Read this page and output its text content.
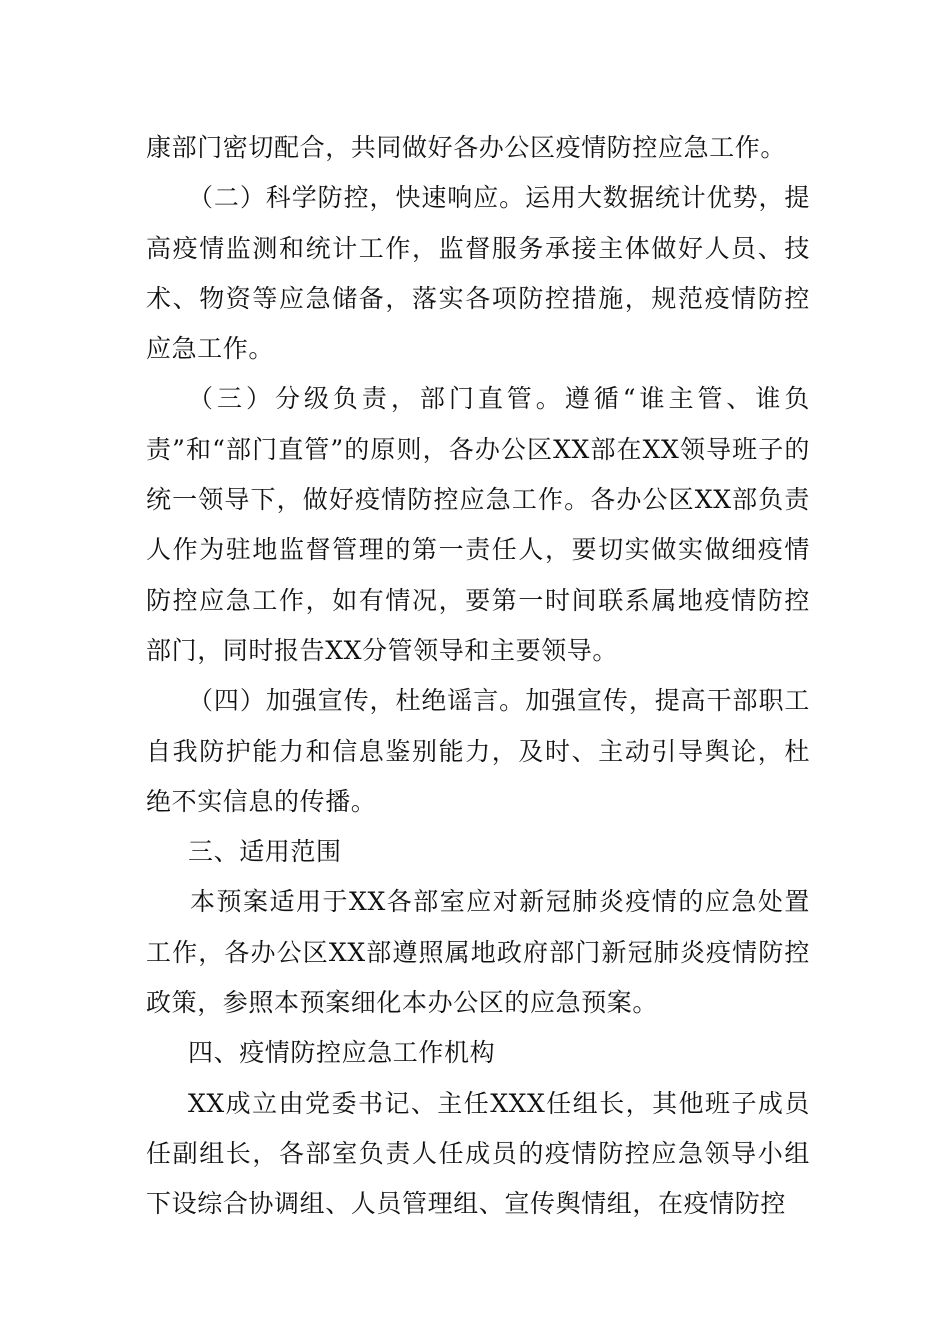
康部门密切配合，共同做好各办公区疫情防控应急工作。

（二）科学防控，快速响应。运用大数据统计优势，提高疫情监测和统计工作，监督服务承接主体做好人员、技术、物资等应急储备，落实各项防控措施，规范疫情防控应急工作。

（三）分级负责，部门直管。遵循“谁主管、谁负责”和“部门直管”的原则，各办公区XX部在XX领导班子的统一领导下，做好疫情防控应急工作。各办公区XX部负责人作为驻地监督管理的第一责任人，要切实做实做细疫情防控应急工作，如有情况，要第一时间联系属地疫情防控部门，同时报告XX分管领导和主要领导。

（四）加强宣传，杜绝谣言。加强宣传，提高干部职工自我防护能力和信息鉴别能力，及时、主动引导舆论，杜绝不实信息的传播。

三、适用范围

本预案适用于XX各部室应对新冠肺炎疫情的应急处置工作，各办公区XX部遵照属地政府部门新冠肺炎疫情防控政策，参照本预案细化本办公区的应急预案。

四、疫情防控应急工作机构

XX成立由党委书记、主任XXX任组长，其他班子成员任副组长，各部室负责人任成员的疫情防控应急领导小组下设综合协调组、人员管理组、宣传舆情组，在疫情防控
